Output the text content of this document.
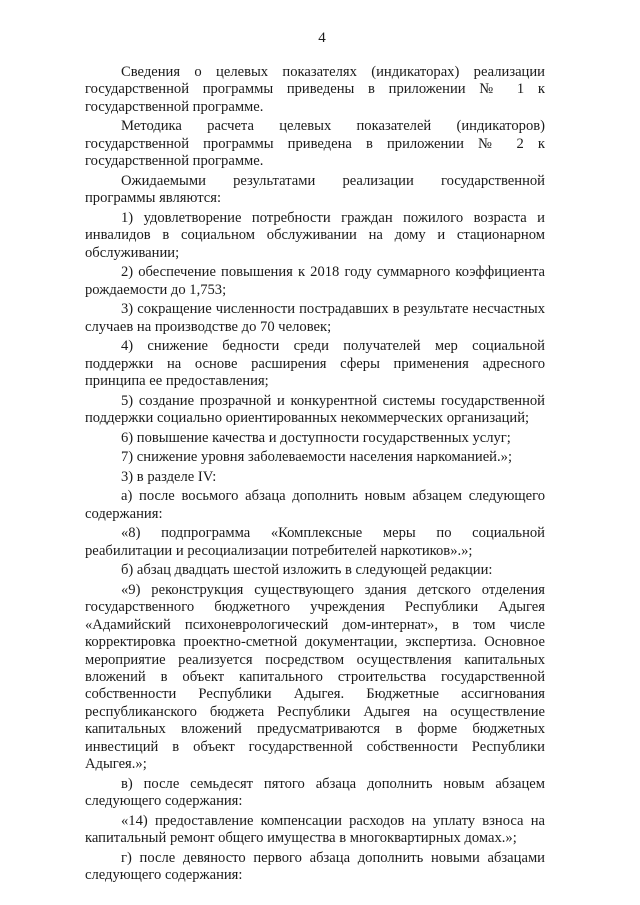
4

Сведения о целевых показателях (индикаторах) реализации государственной программы приведены в приложении № 1 к государственной программе.

Методика расчета целевых показателей (индикаторов) государственной программы приведена в приложении № 2 к государственной программе.

Ожидаемыми результатами реализации государственной программы являются:

1) удовлетворение потребности граждан пожилого возраста и инвалидов в социальном обслуживании на дому и стационарном обслуживании;

2) обеспечение повышения к 2018 году суммарного коэффициента рождаемости до 1,753;

3) сокращение численности пострадавших в результате несчастных случаев на производстве до 70 человек;

4) снижение бедности среди получателей мер социальной поддержки на основе расширения сферы применения адресного принципа ее предоставления;

5) создание прозрачной и конкурентной системы государственной поддержки социально ориентированных некоммерческих организаций;

6) повышение качества и доступности государственных услуг;

7) снижение уровня заболеваемости населения наркоманией.»;

3) в разделе IV:

а) после восьмого абзаца дополнить новым абзацем следующего содержания:

«8) подпрограмма «Комплексные меры по социальной реабилитации и ресоциализации потребителей наркотиков».»;

б) абзац двадцать шестой изложить в следующей редакции:

«9) реконструкция существующего здания детского отделения государственного бюджетного учреждения Республики Адыгея «Адамийский психоневрологический дом-интернат», в том числе корректировка проектно-сметной документации, экспертиза. Основное мероприятие реализуется посредством осуществления капитальных вложений в объект капитального строительства государственной собственности Республики Адыгея. Бюджетные ассигнования республиканского бюджета Республики Адыгея на осуществление капитальных вложений предусматриваются в форме бюджетных инвестиций в объект государственной собственности Республики Адыгея.»;

в) после семьдесят пятого абзаца дополнить новым абзацем следующего содержания:

«14) предоставление компенсации расходов на уплату взноса на капитальный ремонт общего имущества в многоквартирных домах.»;

г) после девяносто первого абзаца дополнить новыми абзацами следующего содержания:
